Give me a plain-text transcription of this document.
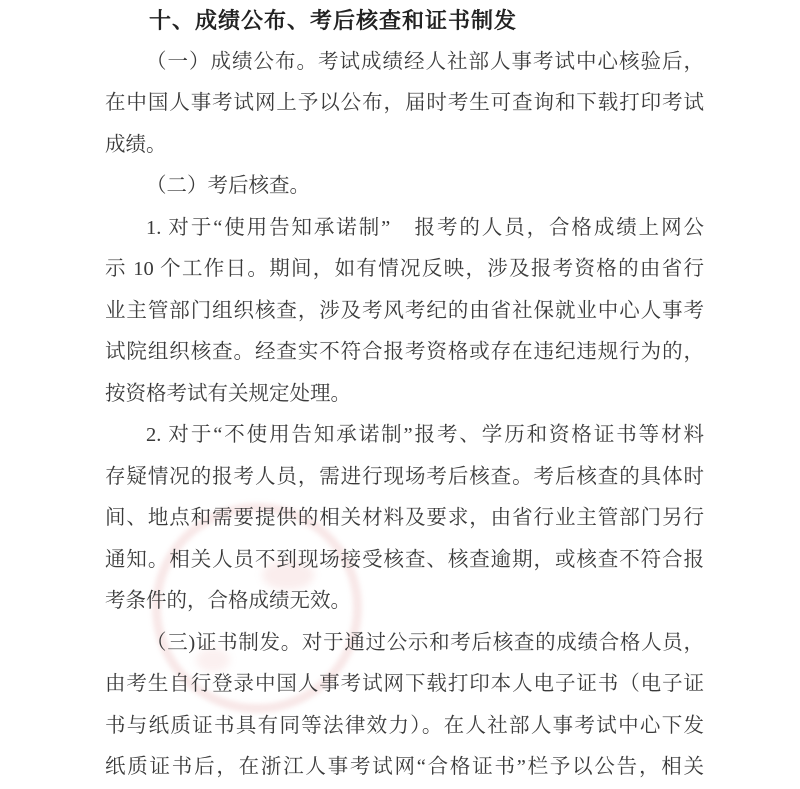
十、成绩公布、考后核查和证书制发
（一）成绩公布。考试成绩经人社部人事考试中心核验后，
在中国人事考试网上予以公布，届时考生可查询和下载打印考试
成绩。
（二）考后核查。
1. 对于“使用告知承诺制”　报考的人员，合格成绩上网公
示 10 个工作日。期间，如有情况反映，涉及报考资格的由省行
业主管部门组织核查，涉及考风考纪的由省社保就业中心人事考
试院组织核查。经查实不符合报考资格或存在违纪违规行为的，
按资格考试有关规定处理。
2. 对于“不使用告知承诺制”报考、学历和资格证书等材料
存疑情况的报考人员，需进行现场考后核查。考后核查的具体时
间、地点和需要提供的相关材料及要求，由省行业主管部门另行
通知。相关人员不到现场接受核查、核查逾期，或核查不符合报
考条件的，合格成绩无效。
（三)证书制发。对于通过公示和考后核查的成绩合格人员，
由考生自行登录中国人事考试网下载打印本人电子证书（电子证
书与纸质证书具有同等法律效力）。在人社部人事考试中心下发
纸质证书后，在浙江人事考试网“合格证书”栏予以公告，相关
